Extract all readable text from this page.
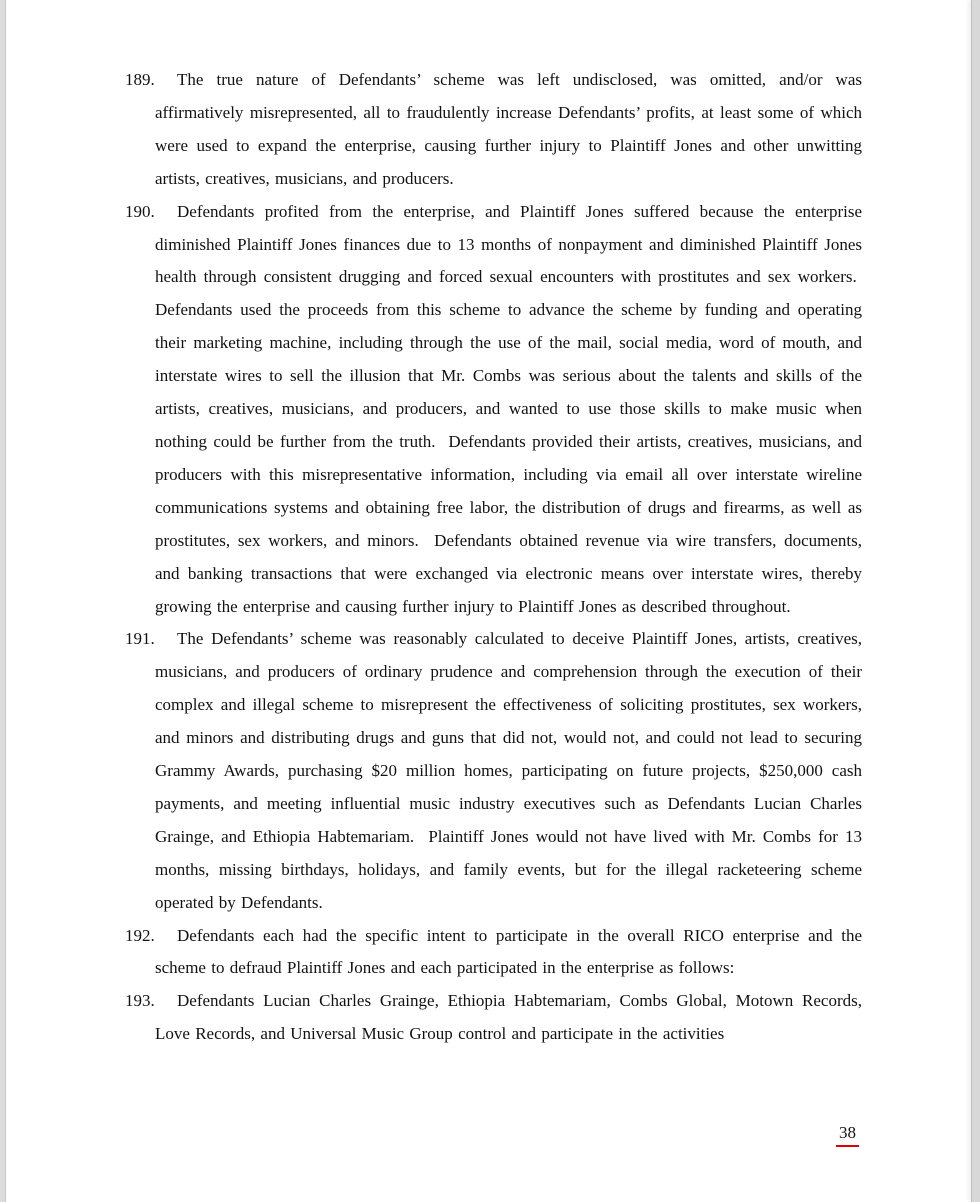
189. The true nature of Defendants’ scheme was left undisclosed, was omitted, and/or was affirmatively misrepresented, all to fraudulently increase Defendants’ profits, at least some of which were used to expand the enterprise, causing further injury to Plaintiff Jones and other unwitting artists, creatives, musicians, and producers.

190. Defendants profited from the enterprise, and Plaintiff Jones suffered because the enterprise diminished Plaintiff Jones finances due to 13 months of nonpayment and diminished Plaintiff Jones health through consistent drugging and forced sexual encounters with prostitutes and sex workers.  Defendants used the proceeds from this scheme to advance the scheme by funding and operating their marketing machine, including through the use of the mail, social media, word of mouth, and interstate wires to sell the illusion that Mr. Combs was serious about the talents and skills of the artists, creatives, musicians, and producers, and wanted to use those skills to make music when nothing could be further from the truth.  Defendants provided their artists, creatives, musicians, and producers with this misrepresentative information, including via email all over interstate wireline communications systems and obtaining free labor, the distribution of drugs and firearms, as well as prostitutes, sex workers, and minors.  Defendants obtained revenue via wire transfers, documents, and banking transactions that were exchanged via electronic means over interstate wires, thereby growing the enterprise and causing further injury to Plaintiff Jones as described throughout.

191. The Defendants’ scheme was reasonably calculated to deceive Plaintiff Jones, artists, creatives, musicians, and producers of ordinary prudence and comprehension through the execution of their complex and illegal scheme to misrepresent the effectiveness of soliciting prostitutes, sex workers, and minors and distributing drugs and guns that did not, would not, and could not lead to securing Grammy Awards, purchasing $20 million homes, participating on future projects, $250,000 cash payments, and meeting influential music industry executives such as Defendants Lucian Charles Grainge, and Ethiopia Habtemariam.  Plaintiff Jones would not have lived with Mr. Combs for 13 months, missing birthdays, holidays, and family events, but for the illegal racketeering scheme operated by Defendants.

192. Defendants each had the specific intent to participate in the overall RICO enterprise and the scheme to defraud Plaintiff Jones and each participated in the enterprise as follows:

193. Defendants Lucian Charles Grainge, Ethiopia Habtemariam, Combs Global, Motown Records, Love Records, and Universal Music Group control and participate in the activities

38
